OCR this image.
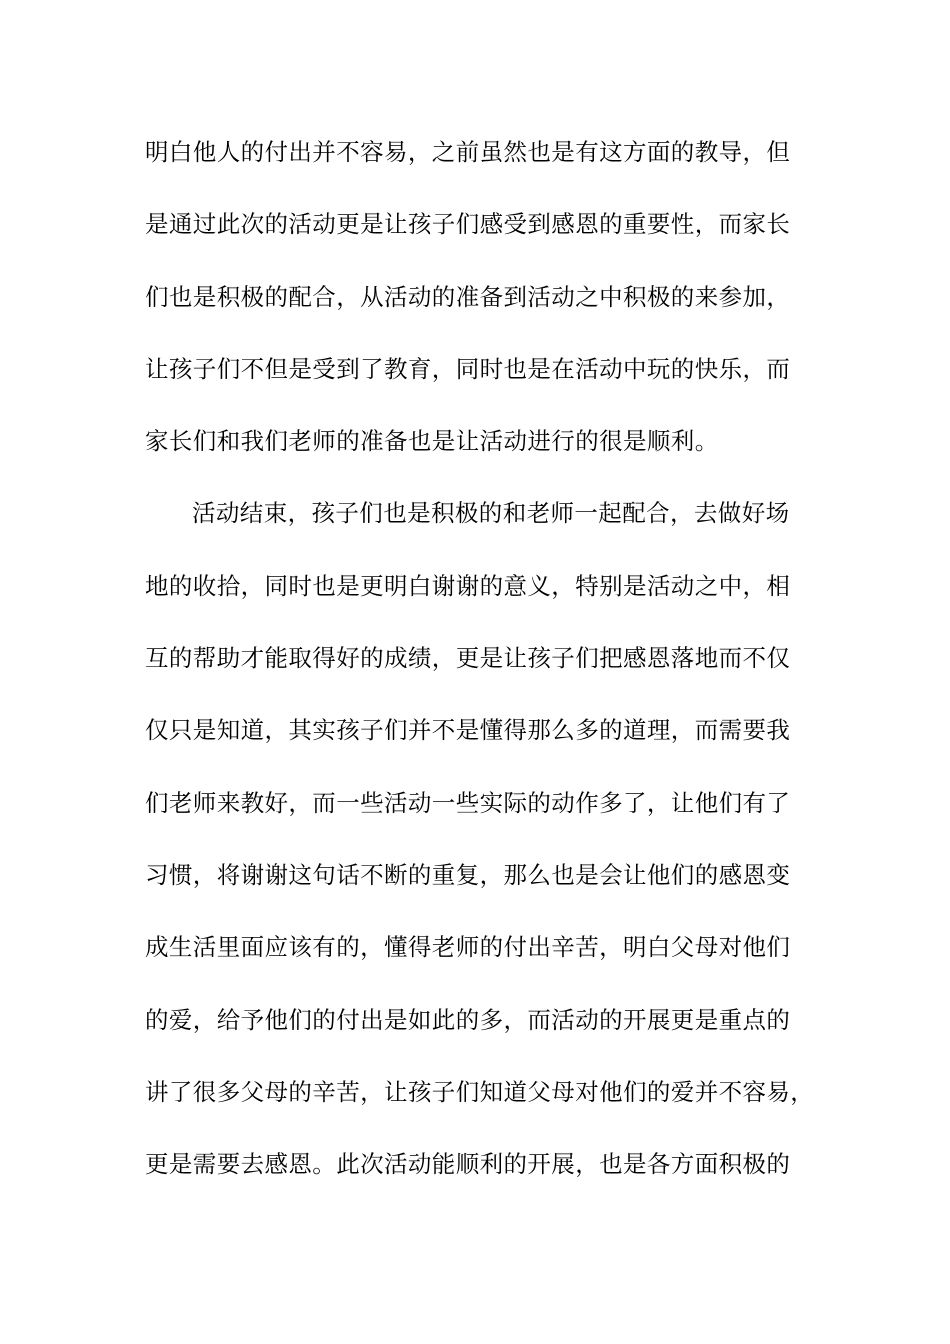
明白他人的付出并不容易，之前虽然也是有这方面的教导，但
是通过此次的活动更是让孩子们感受到感恩的重要性，而家长
们也是积极的配合，从活动的准备到活动之中积极的来参加，
让孩子们不但是受到了教育，同时也是在活动中玩的快乐，而
家长们和我们老师的准备也是让活动进行的很是顺利。
活动结束，孩子们也是积极的和老师一起配合，去做好场
地的收拾，同时也是更明白谢谢的意义，特别是活动之中，相
互的帮助才能取得好的成绩，更是让孩子们把感恩落地而不仅
仅只是知道，其实孩子们并不是懂得那么多的道理，而需要我
们老师来教好，而一些活动一些实际的动作多了，让他们有了
习惯，将谢谢这句话不断的重复，那么也是会让他们的感恩变
成生活里面应该有的，懂得老师的付出辛苦，明白父母对他们
的爱，给予他们的付出是如此的多，而活动的开展更是重点的
讲了很多父母的辛苦，让孩子们知道父母对他们的爱并不容易，
更是需要去感恩。此次活动能顺利的开展，也是各方面积极的
